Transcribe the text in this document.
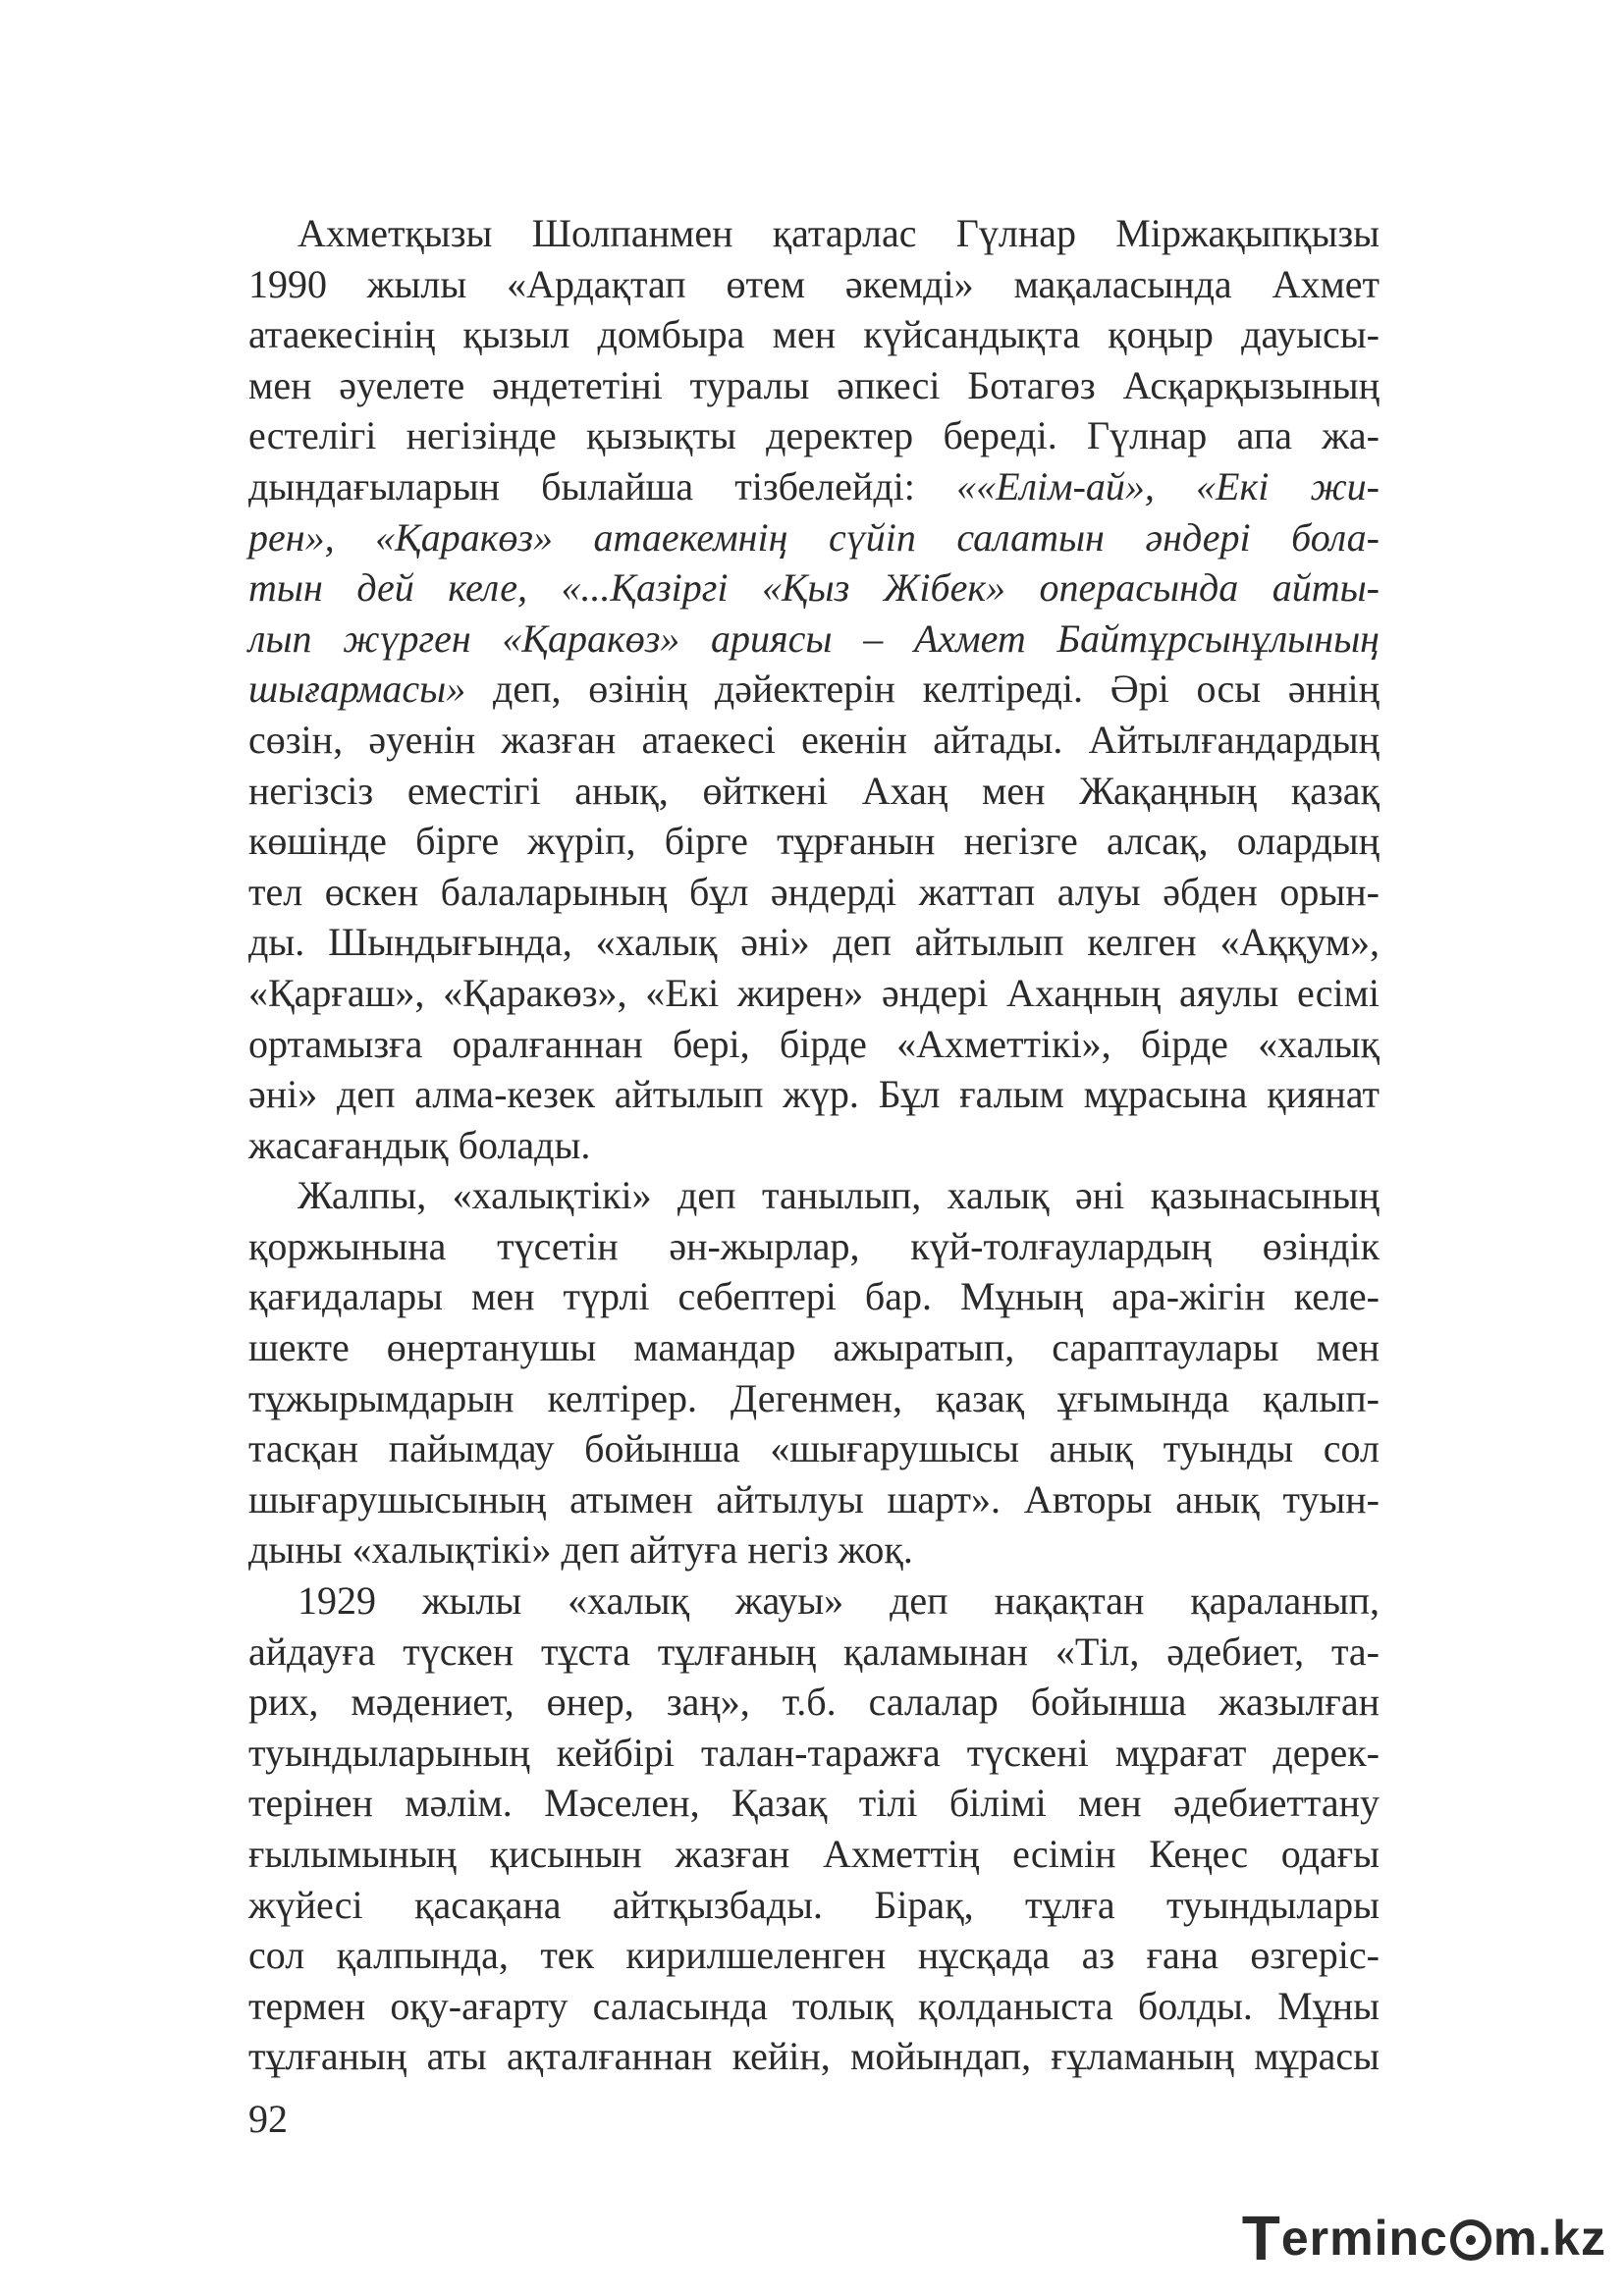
Ахметқызы Шолпанмен қатарлас Гүлнар Міржақыпқызы
1990 жылы «Ардақтап өтем әкемді» мақаласында Ахмет
атаекесінің қызыл домбыра мен күйсандықта қоңыр дауысы-
мен әуелете әндететіні туралы әпкесі Ботагөз Асқарқызының
естелігі негізінде қызықты деректер береді. Гүлнар апа жа-
дындағыларын былайша тізбелейді: ««Елім-ай», «Екі жи-
рен», «Қаракөз» атаекемнің сүйіп салатын әндері бола-
тын дей келе, «...Қазіргі «Қыз Жібек» операсында айты-
лып жүрген «Қаракөз» ариясы – Ахмет Байтұрсынұлының
шығармасы» деп, өзінің дәйектерін келтіреді. Әрі осы әннің
сөзін, әуенін жазған атаекесі екенін айтады. Айтылғандардың
негізсіз еместігі анық, өйткені Ахаң мен Жақаңның қазақ
көшінде бірге жүріп, бірге тұрғанын негізге алсақ, олардың
тел өскен балаларының бұл әндерді жаттап алуы әбден орын-
ды. Шындығында, «халық әні» деп айтылып келген «Аққум»,
«Қарғаш», «Қаракөз», «Екі жирен» әндері Ахаңның аяулы есімі
ортамызға оралғаннан бері, бірде «Ахметтікі», бірде «халық
әні» деп алма-кезек айтылып жүр. Бұл ғалым мұрасына қиянат
жасағандық болады.
Жалпы, «халықтікі» деп танылып, халық әні қазынасының
қоржынына түсетін ән-жырлар, күй-толғаулардың өзіндік
қағидалары мен түрлі себептері бар. Мұның ара-жігін келе-
шекте өнертанушы мамандар ажыратып, сараптаулары мен
тұжырымдарын келтірер. Дегенмен, қазақ ұғымында қалып-
тасқан пайымдау бойынша «шығарушысы анық туынды сол
шығарушысының атымен айтылуы шарт». Авторы анық туын-
дыны «халықтікі» деп айтуға негіз жоқ.
1929 жылы «халық жауы» деп нақақтан қараланып,
айдауға түскен тұста тұлғаның қаламынан «Тіл, әдебиет, та-
рих, мәдениет, өнер, заң», т.б. салалар бойынша жазылған
туындыларының кейбірі талан-таражға түскені мұрағат дерек-
терінен мәлім. Мәселен, Қазақ тілі білімі мен әдебиеттану
ғылымының қисынын жазған Ахметтің есімін Кеңес одағы
жүйесі қасақана айтқызбады. Бірақ, тұлға туындылары
сол қалпында, тек кирилшеленген нұсқада аз ғана өзгеріс-
термен оқу-ағарту саласында толық қолданыста болды. Мұны
тұлғаның аты ақталғаннан кейін, мойындап, ғұламаның мұрасы
92
T erminc m.kz
